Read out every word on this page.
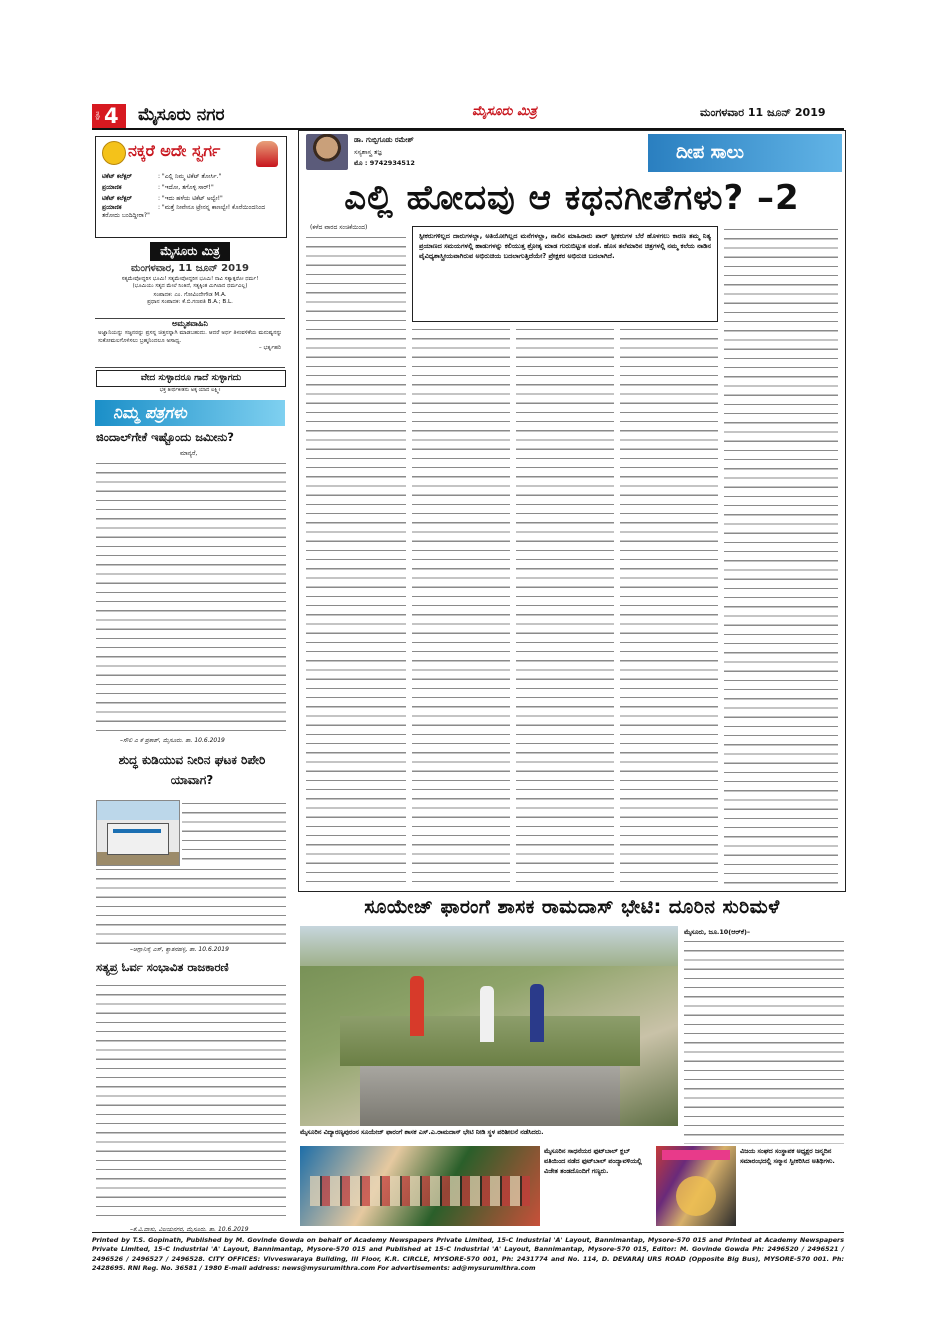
ಪುಟ 4 ಮೈಸೂರು ನಗರ	ಮೈಸೂರು ಮಿತ್ರ	ಮಂಗಳವಾರ 11 ಜೂನ್ 2019
ನಕ್ಕರೆ ಅದೇ ಸ್ವರ್ಗ
ಟಿಕೆಟ್ ಕಲೆಕ್ಟರ್	: "ಎಲ್ಲಿ ನಿಮ್ಮ ಟಿಕೆಟ್ ತೋರ್ಸಿ."
ಪ್ರಯಾಣಿಕ	: "ಇದೋ, ತಗೊಳ್ಳಿ ಸಾರ್!"
ಟಿಕೆಟ್ ಕಲೆಕ್ಟರ್	: "ಇದು ಹಳೆಯ ಟಿಕೆಟ್ ಅಲ್ವೇ!"
ಪ್ರಯಾಣಿಕ	: "ಮತ್ತೆ ನೀವೇನೂ ಟ್ರೇನನ್ನ ಕಾಣಲ್ವೇ! ಕೊರೆಯಿಂದನಿಂದ ತರೋದು ಬಂದಿದ್ದೀರಾ?"
ಮೈಸೂರು ಮಿತ್ರ
ಮಂಗಳವಾರ, 11 ಜೂನ್ 2019
ಸತ್ಯಮೇವೋದ್ಧರಿಸ ಭೂಮಿ! ಸತ್ಯಮೇವೋದ್ಧರಿಸ ಭೂಮಿ! ನಾವಿ ಸತ್ಯಾತ್ಪರೋ ಧರ್ಮ!
(ಭೂಮಿಯು ಸತ್ಯದ ಮೇಲೆ ನಿಂತಿದೆ, ಸತ್ಯಕ್ಕಿಂತ ಮಿಗಿಲಾದ ಧರ್ಮವಿಲ್ಲ)
ಸಂಪಾದಕ: ಎಂ. ಗೋವಿಂದೇಗೌಡ M.A.
ಪ್ರಧಾನ ಸಂಪಾದಕ: ಕೆ.ಬಿ.ಗಣಪತಿ B.A.; B.L.
ಅಮೃತವಾಹಿನಿ
ಅಜ್ಞಾನಿಯನ್ನು ಸಜ್ಜನರನ್ನು ಪ್ರಸನ್ನ ಚಿತ್ತನನ್ನಾಗಿ ಮಾಡಬಹುದು. ಆದರೆ ಅರ್ಧ ತಿಳುವಳಿಕೆಯ ಮನುಷ್ಯನನ್ನು ಸುಕೋಮಲಗೊಳಿಸಲು ಬ್ರಹ್ಮನಿಂದಲೂ ಅಸಾಧ್ಯ.
– ಭರ್ತೃಹರಿ
ವೇದ ಸುಳ್ಳಾದರೂ ಗಾದೆ ಸುಳ್ಳಾಗದು
ಭಕ್ತ ತೀರ್ಥಕೀತನು ಅಕ್ಕ ಯಾದ ಲಕ್ಷ್ಮೀ
ನಿಮ್ಮ ಪತ್ರಗಳು
ಜಿಂದಾಲ್‌ಗೇಕೆ ಇಷ್ಟೊಂದು ಜಮೀನು?
ಮಾನ್ಯರೆ,
–ಸೌಲಿ ಎ ಕೆ ಪ್ರಕಾಶ್, ಮೈಸೂರು. ತಾ. 10.6.2019
ಶುದ್ಧ ಕುಡಿಯುವ ನೀರಿನ ಘಟಕ ರಿಪೇರಿ ಯಾವಾಗ?
–ಆಗ್ಲಾನಿಸೈ ಎಸ್, ಕ್ಯಾತನಹಳ್ಳಿ, ತಾ. 10.6.2019
ಸತ್ಯಪ್ರ ಓರ್ವ ಸಂಭಾವಿತ ರಾಜಕಾರಣಿ
–ಕೆ.ವಿ.ವಾಸು, ವಿಜಯನಗರ, ಮೈಸೂರು. ತಾ. 10.6.2019
ಡಾ. ಗುಬ್ಬಿಗೂಡು ರಮೇಶ್
ಸಸ್ಯಶಾಸ್ತ್ರ ತಜ್ಞ
ಮೊ : 9742934512	ದೀಪ ಸಾಲು
ಎಲ್ಲಿ ಹೋದವು ಆ ಕಥನಗೀತೆಗಳು? –2
(ಕಳೆದ ವಾರದ ಸಂಚಿಕೆಯಿಂದ)
ಸ್ಪೀಕರುಗಳಿಲ್ಲದ ದಾರುಗಳಲ್ಲಾ, ಅತಿಯೋಗಿಲ್ಲದ ಮನೆಗಳಲ್ಲಾ, ನಾಲಿನ ಮಾಹಿರಾರು ಪಾರ್ ಸ್ಪೀಕರುಗಳ ಬೆರೆ ಹೊಳಗಲು ಕಾರಣ ತಮ್ಮ ನಿತ್ಯ ಪ್ರಯಾಣದ ಸಮಯಗಳಲ್ಲಿ ಹಾಡುಗಳನ್ನು ಕಲಿಯುತ್ತ ಶ್ರೋತೃ ಮಾಡ ಗುರುಬಿಟ್ಟುತ ವಂತೆ. ಹೊಸ ತಲೆಮಾರಿನ ಚಿತ್ರಗಳಲ್ಲಿ ನಮ್ಮ ಕಲೆಯ ನಾಡಿನ ವೈವಿಧ್ಯಶಾಸ್ತ್ರೀಯವಾಗಿರುವ ಅಭಿರುಚಿಯ ಬದಲಾಗುತ್ತಿದೆಯೇ? ಪ್ರೇಕ್ಷಕರ ಅಭಿರುಚಿ ಬದಲಾಗಿದೆ.
ಸೂಯೇಜ್ ಫಾರಂಗೆ ಶಾಸಕ ರಾಮದಾಸ್ ಭೇಟಿ: ದೂರಿನ ಸುರಿಮಳೆ
ಮೈಸೂರಿನ ವಿದ್ಯಾರಣ್ಯಪುರಂನ ಸೂಯೇಜ್ ಫಾರಂಗೆ ಶಾಸಕ ಎಸ್.ಎ.ರಾಮದಾಸ್ ಭೇಟಿ ನೀಡಿ ಸ್ಥಳ ಪರಿಶೀಲನೆ ನಡೆಸಿದರು.
ಮೈಸೂರು, ಜೂ.10(ಆರ್‌ಕೆ)–
ಮೈಸೂರಿನ ಸಾಧನೆಯರ ಫುಟ್‌ಬಾಲ್ ಕ್ಲಬ್ ವತಿಯಿಂದ ನಡೆದ ಫುಟ್‌ಬಾಲ್ ಪಂದ್ಯಾವಳಿಯಲ್ಲಿ ವಿಜೇತ ತಂಡದೊಂದಿಗೆ ಗಣ್ಯರು.
ವಿಜಯ ಸಂಘದ ಸಂಸ್ಥಾಪಕ ಅಧ್ಯಕ್ಷರ ಜನ್ಮದಿನ ಸಮಾರಂಭದಲ್ಲಿ ಸನ್ಮಾನ ಸ್ವೀಕರಿಸಿದ ಅತಿಥಿಗಳು.
Printed by T.S. Gopinath, Published by M. Govinde Gowda on behalf of Academy Newspapers Private Limited, 15-C Industrial 'A' Layout, Bannimantap, Mysore-570 015 and Printed at Academy Newspapers Private Limited, 15-C Industrial 'A' Layout, Bannimantap, Mysore-570 015 and Published at 15-C Industrial 'A' Layout, Bannimantap, Mysore-570 015, Editor: M. Govinde Gowda Ph: 2496520 / 2496521 / 2496526 / 2496527 / 2496528. CITY OFFICES: Vivveswaraya Building, III Floor, K.R. CIRCLE, MYSORE-570 001, Ph: 2431774 and No. 114, D. DEVARAJ URS ROAD (Opposite Big Bus), MYSORE-570 001. Ph: 2428695. RNI Reg. No. 36581 / 1980 E-mail address: news@mysurumithra.com For advertisements: ad@mysurumithra.com
